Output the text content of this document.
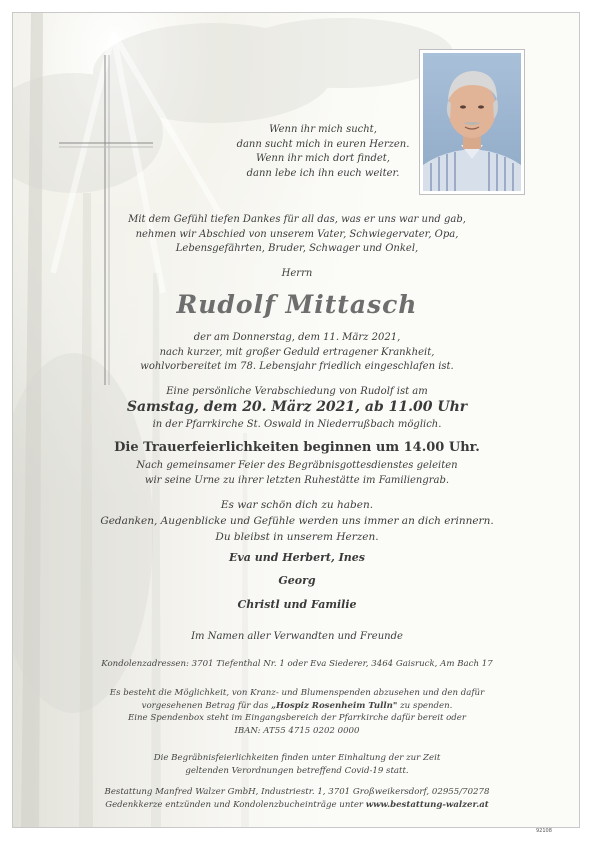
Wenn ihr mich sucht,
dann sucht mich in euren Herzen.
Wenn ihr mich dort findet,
dann lebe ich ihn euch weiter.
Mit dem Gefühl tiefen Dankes für all das, was er uns war und gab,
nehmen wir Abschied von unserem Vater, Schwiegervater, Opa,
Lebensgefährten, Bruder, Schwager und Onkel,
Herrn
Rudolf Mittasch
der am Donnerstag, dem 11. März 2021,
nach kurzer, mit großer Geduld ertragener Krankheit,
wohlvorbereitet im 78. Lebensjahr friedlich eingeschlafen ist.
Eine persönliche Verabschiedung von Rudolf ist am
Samstag, dem 20. März 2021, ab 11.00 Uhr
in der Pfarrkirche St. Oswald in Niederrußbach möglich.
Die Trauerfeierlichkeiten beginnen um 14.00 Uhr.
Nach gemeinsamer Feier des Begräbnisgottesdienstes geleiten
wir seine Urne zu ihrer letzten Ruhestätte im Familiengrab.
Es war schön dich zu haben.
Gedanken, Augenblicke und Gefühle werden uns immer an dich erinnern.
Du bleibst in unserem Herzen.
Eva und Herbert, Ines
Georg
Christl und Familie
Im Namen aller Verwandten und Freunde
Kondolenzadressen: 3701 Tiefenthal Nr. 1 oder Eva Siederer, 3464 Gaisruck, Am Bach 17
Es besteht die Möglichkeit, von Kranz- und Blumenspenden abzusehen und den dafür
vorgesehenen Betrag für das „Hospiz Rosenheim Tulln" zu spenden.
Eine Spendenbox steht im Eingangsbereich der Pfarrkirche dafür bereit oder
IBAN: AT55 4715 0202 0000
Die Begräbnisfeierlichkeiten finden unter Einhaltung der zur Zeit
geltenden Verordnungen betreffend Covid-19 statt.
Bestattung Manfred Walzer GmbH, Industriestr. 1, 3701 Großweikersdorf, 02955/70278
Gedenkkerze entzünden und Kondolenzbucheinträge unter www.bestattung-walzer.at
92108
